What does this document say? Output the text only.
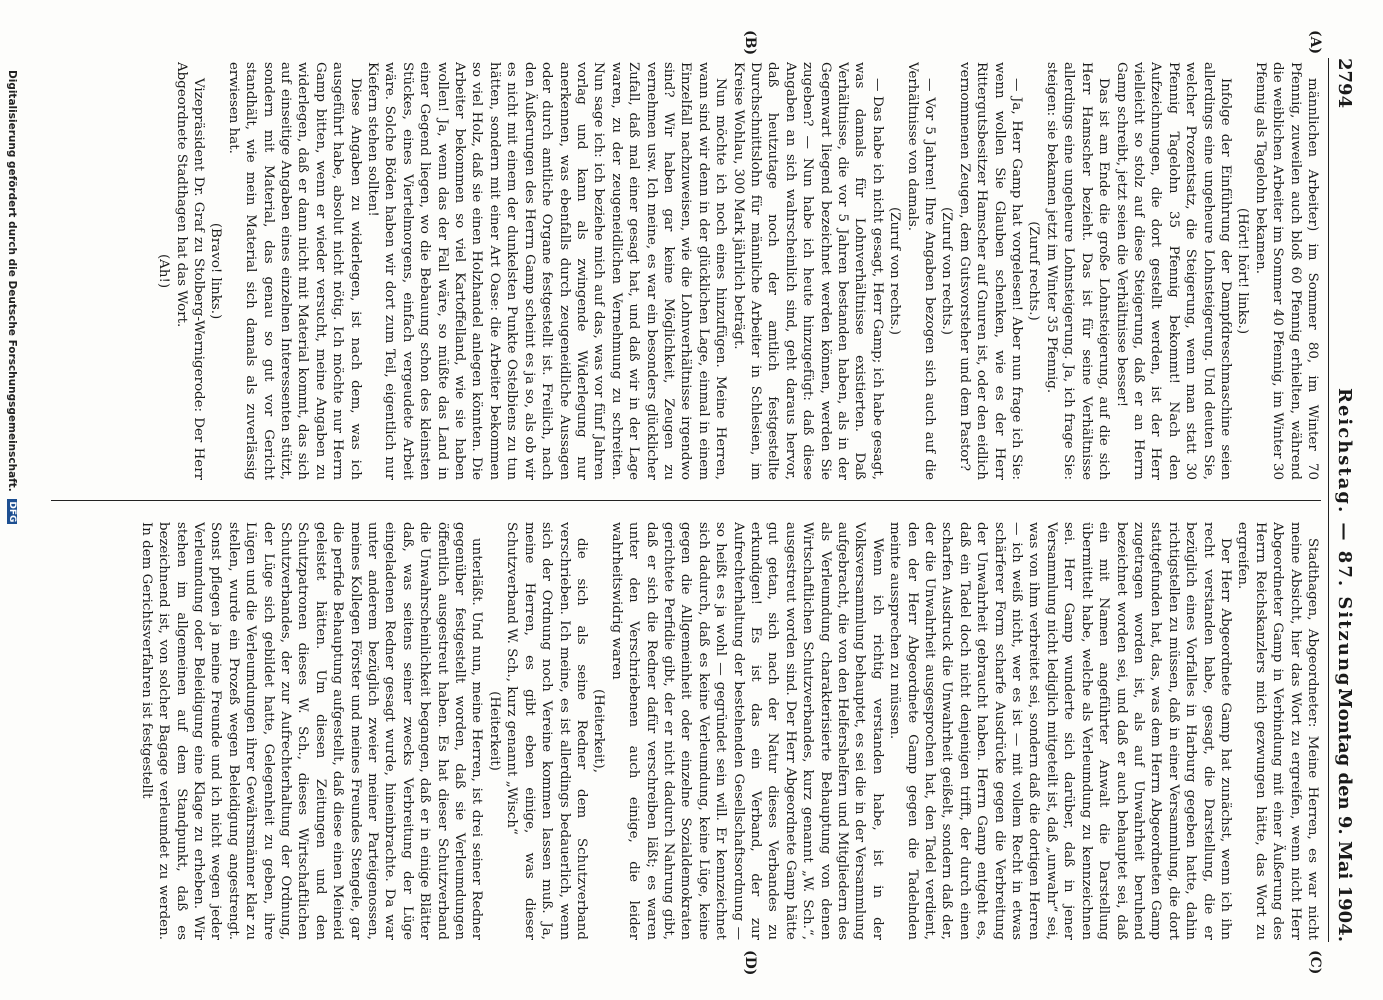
2794
Reichstag. — 87. Sitzung.
Montag den 9. Mai 1904.
(A)
(B)
(C)
(D)

männlichen Arbeiter) im Sommer 80, im Winter 70 Pfennig, zuweilen auch bloß 60 Pfennig erhielten, während die weiblichen Arbeiter im Sommer 40 Pfennig, im Winter 30 Pfennig als Tagelohn bekamen.

(Hört! hört! links.)

Infolge der Einführung der Dampfdreschmaschine seien allerdings eine ungeheure Lohnsteigerung. Und deuten Sie, welcher Prozentsatz, die Steigerung, wenn man statt 30 Pfennig Tagelohn 35 Pfennig bekommt! Nach den Aufzeichnungen, die dort gestellt werden, ist der Herr vielleicht so stolz auf diese Steigerung, daß er an Herrn Gamp schreibt, jetzt seien die Verhältnisse besser!

Das ist am Ende die große Lohnsteigerung, auf die sich Herr Hamscher bezieht. Das ist für seine Verhältnisse allerdings eine ungeheure Lohnsteigerung. Ja, ich frage Sie: steigen: sie bekamen jetzt im Winter 35 Pfennig.

(Zuruf rechts.)

— Ja, Herr Gamp hat vorgelesen! Aber nun frage ich Sie: wenn wollen Sie Glauben schenken, wie es der Herr Rittergutsbesitzer Hamscher auf Gnuren ist, oder den eidlich vernommenen Zeugen, dem Gutsvorsteher und dem Pastor?

(Zuruf von rechts.)

— Vor 5 Jahren! Ihre Angaben bezogen sich auch auf die Verhältnisse von damals.

(Zuruf von rechts.)

— Das habe ich nicht gesagt, Herr Gamp; ich habe gesagt, was damals für Lohnverhältnisse existierten. Daß Verhältnisse, die vor 5 Jahren bestanden haben, als in der Gegenwart liegend bezeichnet werden können, werden Sie zugeben? — Nun habe ich heute hinzugefügt: daß diese Angaben an sich wahrscheinlich sind, geht daraus hervor, daß heutzutage noch der amtlich festgestellte Durchschnittslohn für männliche Arbeiter in Schlesien, im Kreise Wohlau, 300 Mark jährlich beträgt.

Nun möchte ich noch eines hinzufügen. Meine Herren, wann sind wir denn in der glücklichen Lage, einmal in einem Einzelfall nachzuweisen, wie die Lohnverhältnisse irgendwo sind? Wir haben gar keine Möglichkeit, Zeugen zu vernehmen usw. Ich meine, es war ein besonders glücklicher Zufall, daß mal einer gesagt hat, und daß wir in der Lage waren, zu der zeugeneidlichen Vernehmung zu schreiten. Nun sage ich: ich beziehe mich auf das, was vor fünf Jahren vorlag und kann als zwingende Widerlegung nur anerkennen, was ebenfalls durch zeugeneidliche Aussagen oder durch amtliche Organe festgestellt ist. Freilich, nach den Äußerungen des Herrn Gamp scheint es ja so, als ob wir es nicht mit einem der dunkelsten Punkte Ostelbiens zu tun hätten, sondern mit einer Art Oase: die Arbeiter bekommen so viel Holz, daß sie einen Holzhandel anlegen könnten. Die Arbeiter bekommen so viel Kartoffelland, wie sie haben wollen! Ja, wenn das der Fall wäre, so müßte das Land in einer Gegend liegen, wo die Bebauung schon des kleinsten Stückes, eines Viertelmorgens, einfach vergeudete Arbeit wäre. Solche Böden haben wir dort zum Teil, eigentlich nur Kiefern stehen sollten!

Diese Angaben zu widerlegen, ist nach dem, was ich ausgeführt habe, absolut nicht nötig. Ich möchte nur Herrn Gamp bitten, wenn er wieder versucht, meine Angaben zu widerlegen, daß er dann nicht mit Material kommt, das sich auf einseitige Angaben eines einzelnen Interessenten stützt, sondern mit Material, das genau so gut vor Gericht standhält, wie mein Material sich damals als zuverlässig erwiesen hat.

(Bravo! links.)

Vizepräsident Dr. Graf zu Stolberg-Wernigerode: Der Herr Abgeordnete Stadthagen hat das Wort.

(Ah!)

Stadthagen, Abgeordneter: Meine Herren, es war nicht meine Absicht, hier das Wort zu ergreifen, wenn nicht Herr Abgeordneter Gamp in Verbindung mit einer Äußerung des Herrn Reichskanzlers mich gezwungen hätte, das Wort zu ergreifen.

Der Herr Abgeordnete Gamp hat zunächst, wenn ich ihn recht verstanden habe, gesagt, die Darstellung, die er bezüglich eines Vorfalles in Harburg gegeben hatte, dahin richtigstellen zu müssen, daß in einer Versammlung, die dort stattgefunden hat, das, was dem Herrn Abgeordneten Gamp zugetragen worden ist, als auf Unwahrheit beruhend bezeichnet worden sei, und daß er auch behauptet sei, daß ein mit Namen angeführter Anwalt die Darstellung übermittelt habe, welche als Verleumdung zu kennzeichnen sei. Herr Gamp wunderte sich darüber, daß in jener Versammlung nicht lediglich mitgeteilt ist, daß „unwahr“ sei, was von ihm verbreitet sei, sondern daß die dortigen Herren — ich weiß nicht, wer es ist — mit vollem Recht in etwas schärferer Form scharfe Ausdrücke gegen die Verbreitung der Unwahrheit gebraucht haben. Herrn Gamp entgeht es, daß ein Tadel doch nicht denjenigen trifft, der durch einen scharfen Ausdruck die Unwahrheit geißelt, sondern daß der, der die Unwahrheit ausgesprochen hat, den Tadel verdient, den der Herr Abgeordnete Gamp gegen die Tadelnden meinte aussprechen zu müssen.

Wenn ich richtig verstanden habe, ist in der Volksversammlung behauptet, es sei die in der Versammlung aufgebracht, die von den Helfershelfern und Mitgliedern des als Verleumdung charakterisierte Behauptung von denen Wirtschaftlichen Schutzverbandes, kurz genannt „W. Sch.“, ausgestreut worden sind. Der Herr Abgeordnete Gamp hätte gut getan, sich nach der Natur dieses Verbandes zu erkundigen! Es ist das ein Verband, der zur Aufrechterhaltung der bestehenden Gesellschaftsordnung — so heißt es ja wohl — gegründet sein will. Er kennzeichnet sich dadurch, daß es keine Verleumdung, keine Lüge, keine gegen die Allgemeinheit oder einzelne Sozialdemokraten gerichtete Perfidie gibt, der er nicht dadurch Nahrung gibt, daß er sich die Redner dafür verschreiben läßt; es waren unter den Verschriebenen auch einige, die leider wahrheitswidrig waren

(Heiterkeit),

die sich als seine Redner dem Schutzverband verschrieben. Ich meine, es ist allerdings bedauerlich, wenn sich der Ordnung noch Vereine kommen lassen muß. Ja, meine Herren, es gibt eben einige, was dieser Schutzverband W. Sch., kurz genannt „Wisch“

(Heiterkeit)

unterläßt. Und nun, meine Herren, ist drei seiner Redner gegenüber festgestellt worden, daß sie Verleumdungen öffentlich ausgestreut haben. Es hat dieser Schutzverband die Unwahrscheinlichkeit begangen, daß er in einige Blätter daß, was seitens seiner zwecks Verbreitung der Lüge eingeladenen Redner gesagt wurde, hineinbrachte. Da war unter anderem bezüglich zweier meiner Parteigenossen, meines Kollegen Förster und meines Freundes Stengele, gar die perfide Behauptung aufgestellt, daß diese einen Meineid geleistet hätten. Um diesen Zeitungen und den Schutzpatronen dieses W. Sch., dieses Wirtschaftlichen Schutzverbandes, der zur Aufrechterhaltung der Ordnung, der Lüge sich gebildet hatte, Gelegenheit zu geben, ihre Lügen und die Verleumdungen ihrer Gewährsmänner klar zu stellen, wurde ein Prozeß wegen Beleidigung angestrengt. Sonst pflegen ja meine Freunde und ich nicht wegen jeder Verleumdung oder Beleidigung eine Klage zu erheben. Wir stehen im allgemeinen auf dem Standpunkt, daß es bezeichnend ist, von solcher Bagage verleumdet zu werden. In dem Gerichtsverfahren ist festgestellt

Digitalisierung gefördert durch die Deutsche Forschungsgemeinschaft. DFG
